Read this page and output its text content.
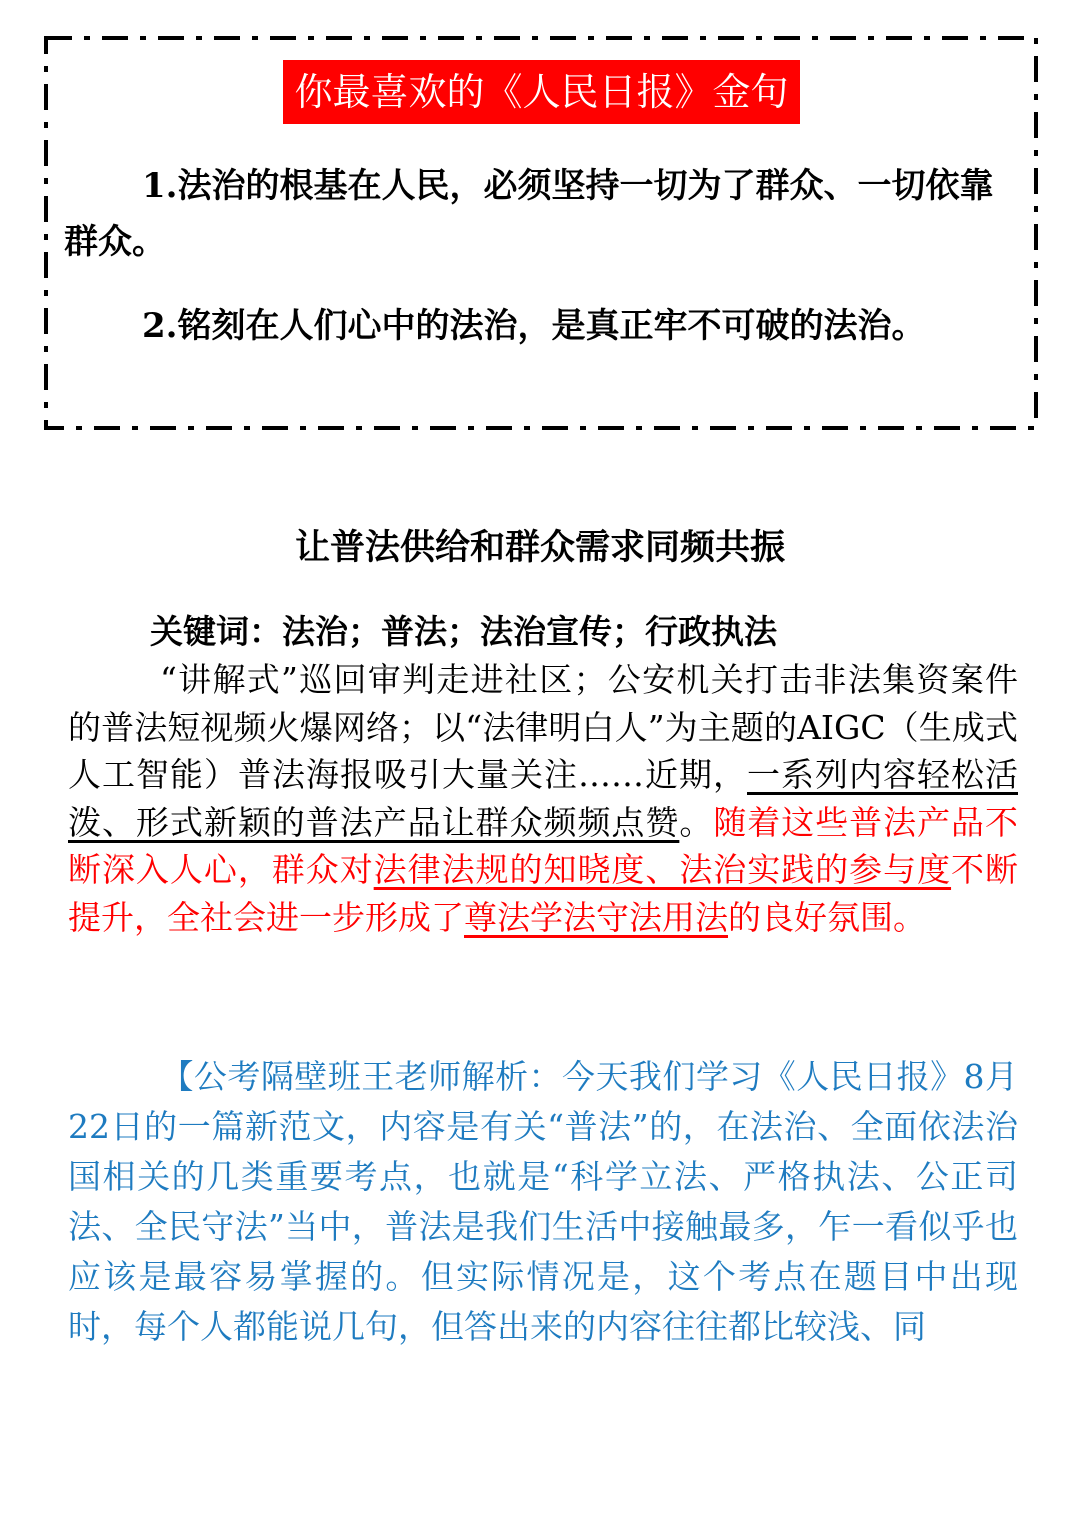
你最喜欢的《人民日报》金句
1.法治的根基在人民，必须坚持一切为了群众、一切依靠群众。
2.铭刻在人们心中的法治，是真正牢不可破的法治。
让普法供给和群众需求同频共振
关键词：法治；普法；法治宣传；行政执法
“讲解式”巡回审判走进社区；公安机关打击非法集资案件的普法短视频火爆网络；以“法律明白人”为主题的AIGC（生成式人工智能）普法海报吸引大量关注……近期，一系列内容轻松活泼、形式新颖的普法产品让群众频频点赞。随着这些普法产品不断深入人心，群众对法律法规的知晓度、法治实践的参与度不断提升，全社会进一步形成了尊法学法守法用法的良好氛围。
【公考隔壁班王老师解析：今天我们学习《人民日报》8月22日的一篇新范文，内容是有关“普法”的，在法治、全面依法治国相关的几类重要考点，也就是“科学立法、严格执法、公正司法、全民守法”当中，普法是我们生活中接触最多，乍一看似乎也应该是最容易掌握的。但实际情况是，这个考点在题目中出现时，每个人都能说几句，但答出来的内容往往都比较浅、同
